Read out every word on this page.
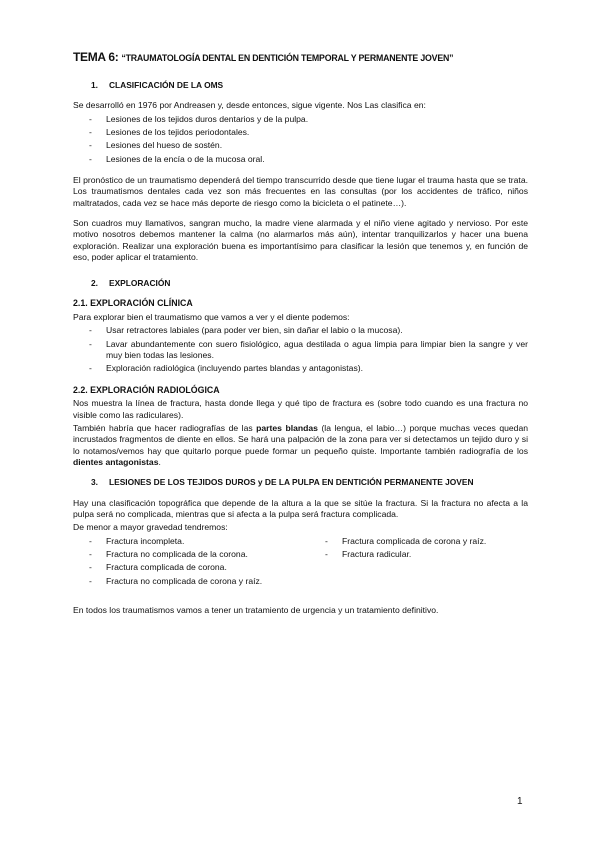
TEMA 6: “TRAUMATOLOGÍA DENTAL EN DENTICIÓN TEMPORAL Y PERMANENTE JOVEN”
1. CLASIFICACIÓN DE LA OMS

Se desarrolló en 1976 por Andreasen y, desde entonces, sigue vigente. Nos Las clasifica en:

- Lesiones de los tejidos duros dentarios y de la pulpa.
- Lesiones de los tejidos periodontales.
- Lesiones del hueso de sostén.
- Lesiones de la encía o de la mucosa oral.

El pronóstico de un traumatismo dependerá del tiempo transcurrido desde que tiene lugar el trauma hasta que se trata. Los traumatismos dentales cada vez son más frecuentes en las consultas (por los accidentes de tráfico, niños maltratados, cada vez se hace más deporte de riesgo como la bicicleta o el patinete…).

Son cuadros muy llamativos, sangran mucho, la madre viene alarmada y el niño viene agitado y nervioso. Por este motivo nosotros debemos mantener la calma (no alarmarlos más aún), intentar tranquilizarlos y hacer una buena exploración. Realizar una exploración buena es importantísimo para clasificar la lesión que tenemos y, en función de eso, poder aplicar el tratamiento.

2. EXPLORACIÓN
2.1. EXPLORACIÓN CLÍNICA

Para explorar bien el traumatismo que vamos a ver y el diente podemos:

- Usar retractores labiales (para poder ver bien, sin dañar el labio o la mucosa).
- Lavar abundantemente con suero fisiológico, agua destilada o agua limpia para limpiar bien la sangre y ver muy bien todas las lesiones.
- Exploración radiológica (incluyendo partes blandas y antagonistas).
2.2. EXPLORACIÓN RADIOLÓGICA

Nos muestra la línea de fractura, hasta donde llega y qué tipo de fractura es (sobre todo cuando es una fractura no visible como las radiculares).

También habría que hacer radiografías de las partes blandas (la lengua, el labio…) porque muchas veces quedan incrustados fragmentos de diente en ellos. Se hará una palpación de la zona para ver si detectamos un tejido duro y si lo notamos/vemos hay que quitarlo porque puede formar un pequeño quiste. Importante también radiografía de los dientes antagonistas.

3. LESIONES DE LOS TEJIDOS DUROS y DE LA PULPA EN DENTICIÓN PERMANENTE JOVEN

Hay una clasificación topográfica que depende de la altura a la que se sitúe la fractura. Si la fractura no afecta a la pulpa será no complicada, mientras que si afecta a la pulpa será fractura complicada.

De menor a mayor gravedad tendremos:

- Fractura incompleta.
- Fractura no complicada de la corona.
- Fractura complicada de corona.
- Fractura no complicada de corona y raíz.
- Fractura complicada de corona y raíz.
- Fractura radicular.

En todos los traumatismos vamos a tener un tratamiento de urgencia y un tratamiento definitivo.

1
